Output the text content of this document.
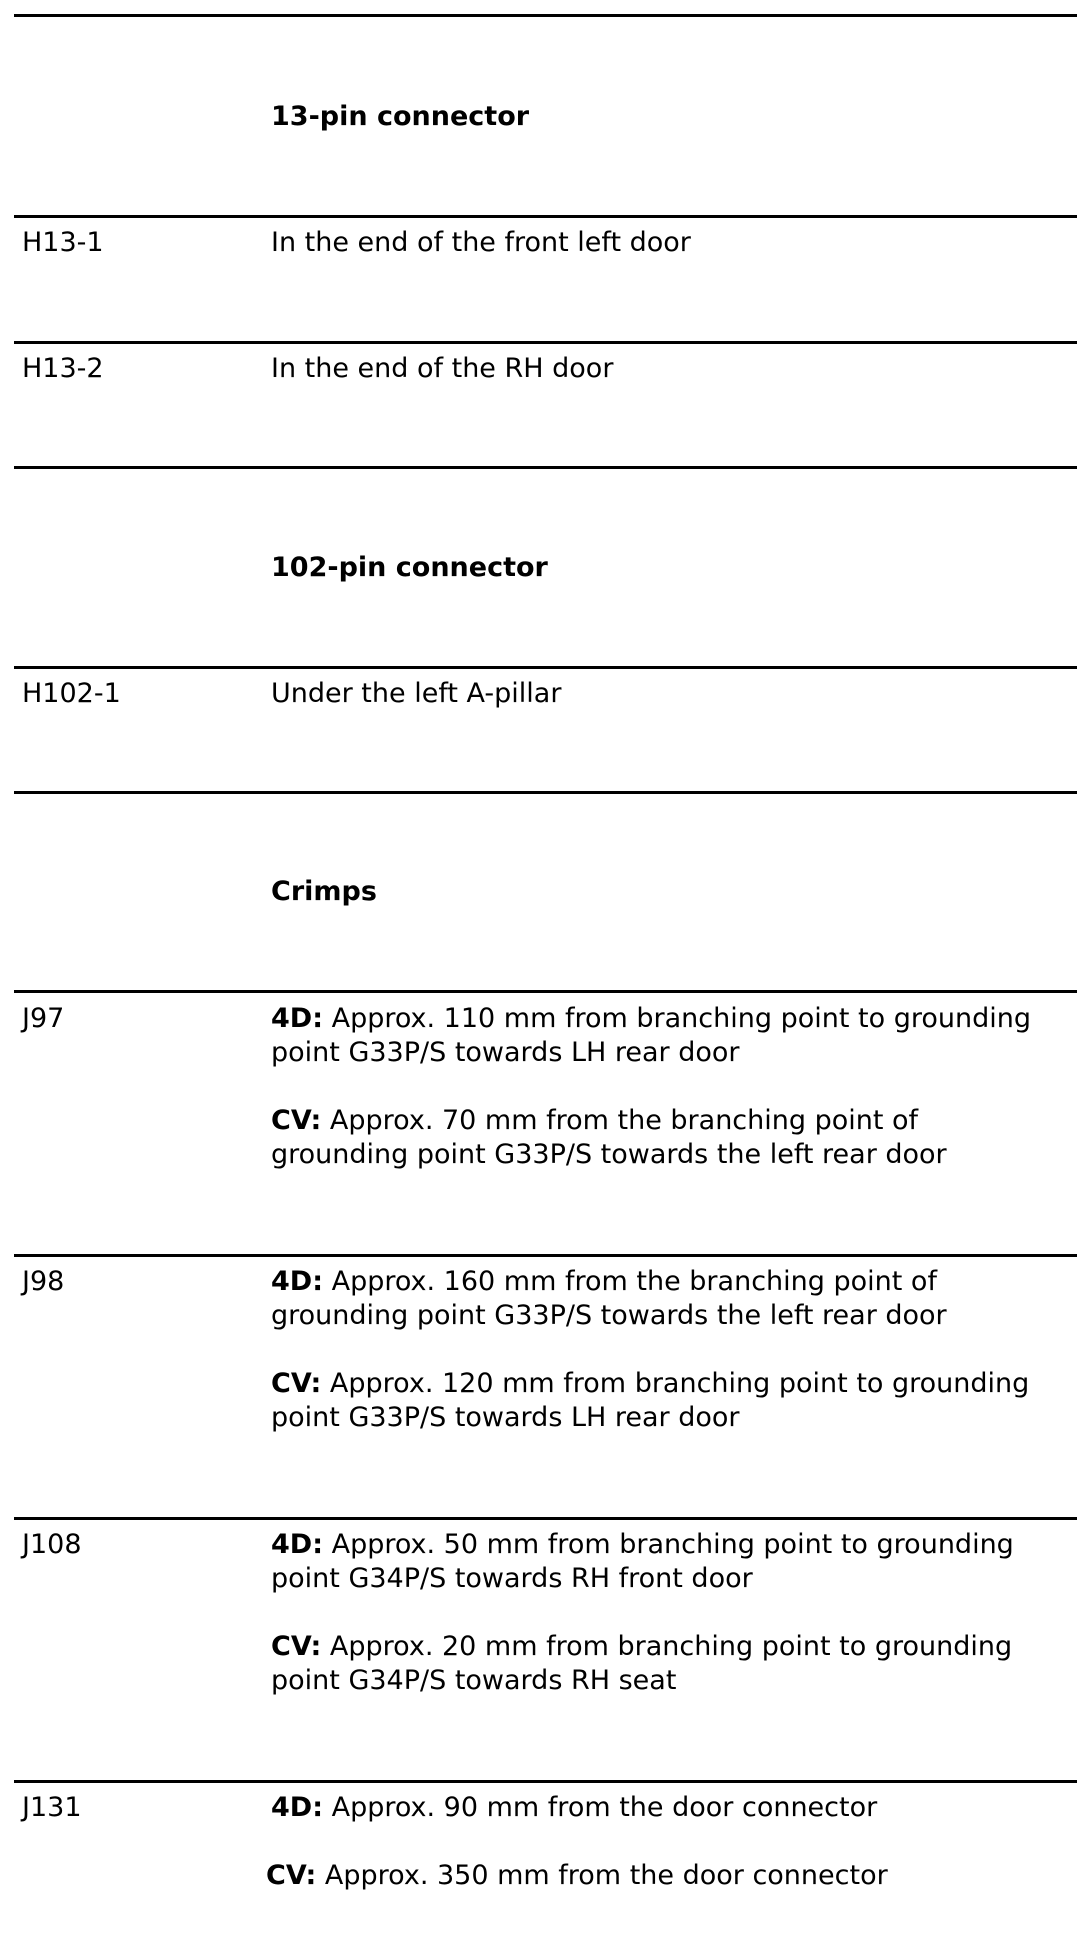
13-pin connector
H13-1	In the end of the front left door
H13-2	In the end of the RH door
102-pin connector
H102-1	Under the left A-pillar
Crimps
J97	4D: Approx. 110 mm from branching point to grounding
point G33P/S towards LH rear door
CV: Approx. 70 mm from the branching point of
grounding point G33P/S towards the left rear door
J98	4D: Approx. 160 mm from the branching point of
grounding point G33P/S towards the left rear door
CV: Approx. 120 mm from branching point to grounding
point G33P/S towards LH rear door
J108	4D: Approx. 50 mm from branching point to grounding
point G34P/S towards RH front door
CV: Approx. 20 mm from branching point to grounding
point G34P/S towards RH seat
J131	4D: Approx. 90 mm from the door connector
CV: Approx. 350 mm from the door connector
